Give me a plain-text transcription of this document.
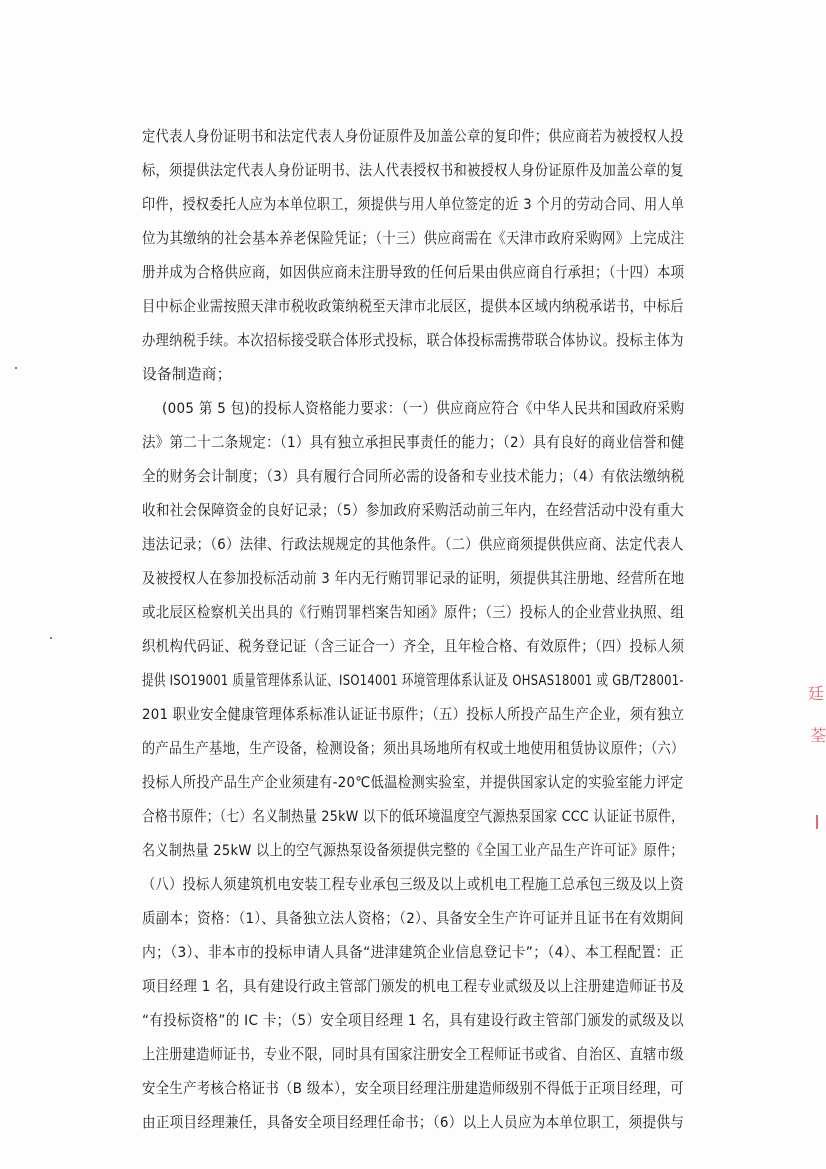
定代表人身份证明书和法定代表人身份证原件及加盖公章的复印件；供应商若为被授权人投
标，须提供法定代表人身份证明书、法人代表授权书和被授权人身份证原件及加盖公章的复
印件，授权委托人应为本单位职工，须提供与用人单位签定的近 3 个月的劳动合同、用人单
位为其缴纳的社会基本养老保险凭证；（十三）供应商需在《天津市政府采购网》上完成注
册并成为合格供应商，如因供应商未注册导致的任何后果由供应商自行承担；（十四）本项
目中标企业需按照天津市税收政策纳税至天津市北辰区，提供本区域内纳税承诺书，中标后
办理纳税手续。本次招标接受联合体形式投标，联合体投标需携带联合体协议。投标主体为
设备制造商；
(005 第 5 包)的投标人资格能力要求：（一）供应商应符合《中华人民共和国政府采购
法》第二十二条规定：（1）具有独立承担民事责任的能力；（2）具有良好的商业信誉和健
全的财务会计制度；（3）具有履行合同所必需的设备和专业技术能力；（4）有依法缴纳税
收和社会保障资金的良好记录；（5）参加政府采购活动前三年内，在经营活动中没有重大
违法记录；（6）法律、行政法规规定的其他条件。（二）供应商须提供供应商、法定代表人
及被授权人在参加投标活动前 3 年内无行贿罚罪记录的证明，须提供其注册地、经营所在地
或北辰区检察机关出具的《行贿罚罪档案告知函》原件；（三）投标人的企业营业执照、组
织机构代码证、税务登记证（含三证合一）齐全，且年检合格、有效原件；（四）投标人须
提供 ISO19001 质量管理体系认证、ISO14001 环境管理体系认证及 OHSAS18001 或 GB/T28001-
201 职业安全健康管理体系标准认证证书原件；（五）投标人所投产品生产企业，须有独立
的产品生产基地，生产设备，检测设备；须出具场地所有权或土地使用租赁协议原件；（六）
投标人所投产品生产企业须建有-20℃低温检测实验室，并提供国家认定的实验室能力评定
合格书原件；（七）名义制热量 25kW 以下的低环境温度空气源热泵国家 CCC 认证证书原件，
名义制热量 25kW 以上的空气源热泵设备须提供完整的《全国工业产品生产许可证》原件；
（八）投标人须建筑机电安装工程专业承包三级及以上或机电工程施工总承包三级及以上资
质副本；资格：（1）、具备独立法人资格；（2）、具备安全生产许可证并且证书在有效期间
内；（3）、非本市的投标申请人具备“进津建筑企业信息登记卡”；（4）、本工程配置：正
项目经理 1 名，具有建设行政主管部门颁发的机电工程专业贰级及以上注册建造师证书及
“有投标资格”的 IC 卡；（5）安全项目经理 1 名，具有建设行政主管部门颁发的贰级及以
上注册建造师证书，专业不限，同时具有国家注册安全工程师证书或省、自治区、直辖市级
安全生产考核合格证书（B 级本），安全项目经理注册建造师级别不得低于正项目经理，可
由正项目经理兼任，具备安全项目经理任命书；（6）以上人员应为本单位职工，须提供与
廷
荃
